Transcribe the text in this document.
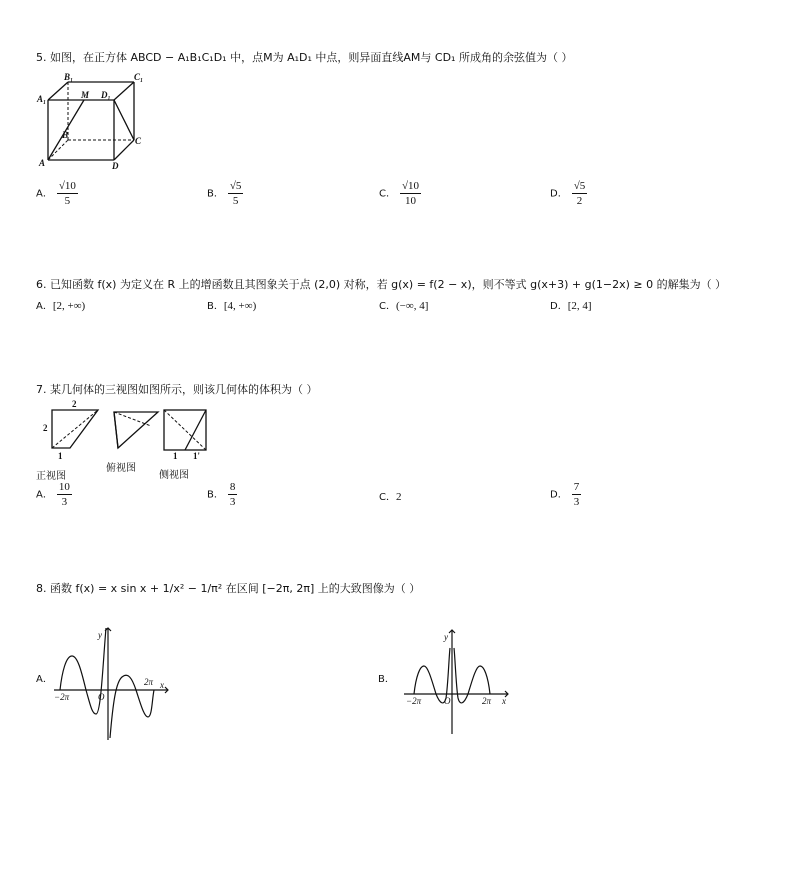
5. 如图，在正方体 ABCD − A₁B₁C₁D₁ 中，点M为 A₁D₁ 中点，则异面直线AM与 CD₁ 所成角的余弦值为（ ）
B₁	C₁
A₁	M D₁
B
C
A	D
A． $\frac{√10}{5}$	B． $\frac{√5}{5}$	C． $\frac{√10}{10}$	D． $\frac{√5}{2}$
6. 已知函数 f(x) 为定义在 R 上的增函数且其图象关于点 (2,0) 对称，若 g(x) = f(2 − x)，则不等式 g(x+3) + g(1−2x) ≥ 0 的解集为（ ）
A．[2, +∞)	B．[4, +∞)	C．(−∞, 4]	D．[2, 4]
7. 某几何体的三视图如图所示，则该几何体的体积为（ ）
2
2
1	1 1'
正视图
俯视图
侧视图
A． $\frac{10}{3}$	B． $\frac{8}{3}$	C．2	D． $\frac{7}{3}$
8. 函数 f(x) = x sin x + 1/x² − 1/π² 在区间 [−2π, 2π] 上的大致图像为（ ）
A．
y
x
−2π
2π
O
B．
y
x
−2π	2π
O
